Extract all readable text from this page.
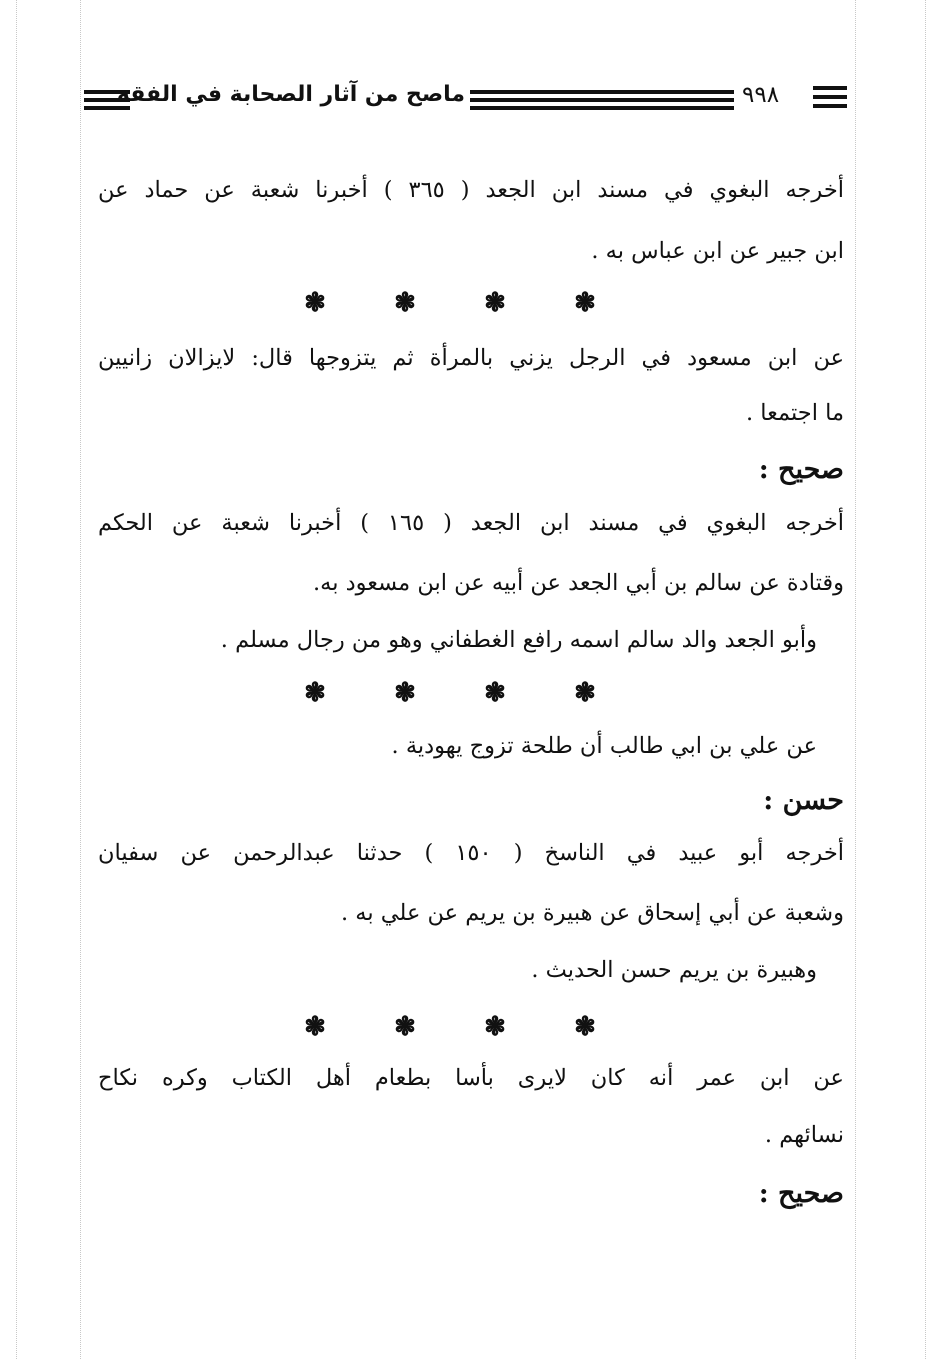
ماصح من آثار الصحابة في الفقه	٩٩٨
أخرجه البغوي في مسند ابن الجعد ( ٣٦٥ ) أخبرنا شعبة عن حماد عن
ابن جبير عن ابن عباس به .
❃	❃	❃	❃
عن ابن مسعود في الرجل يزني بالمرأة ثم يتزوجها قال: لايزالان زانيين
ما اجتمعا .
صحيح :
أخرجه البغوي في مسند ابن الجعد ( ١٦٥ ) أخبرنا شعبة عن الحكم
وقتادة عن سالم بن أبي الجعد عن أبيه عن ابن مسعود به.
وأبو الجعد والد سالم اسمه رافع الغطفاني وهو من رجال مسلم .
❃	❃	❃	❃
عن علي بن ابي طالب أن طلحة تزوج يهودية .
حسن :
أخرجه أبو عبيد في الناسخ ( ١٥٠ ) حدثنا عبدالرحمن عن سفيان
وشعبة عن أبي إسحاق عن هبيرة بن يريم عن علي به .
وهبيرة بن يريم حسن الحديث .
❃	❃	❃	❃
عن ابن عمر أنه كان لايرى بأسا بطعام أهل الكتاب وكره نكاح
نسائهم .
صحيح :
